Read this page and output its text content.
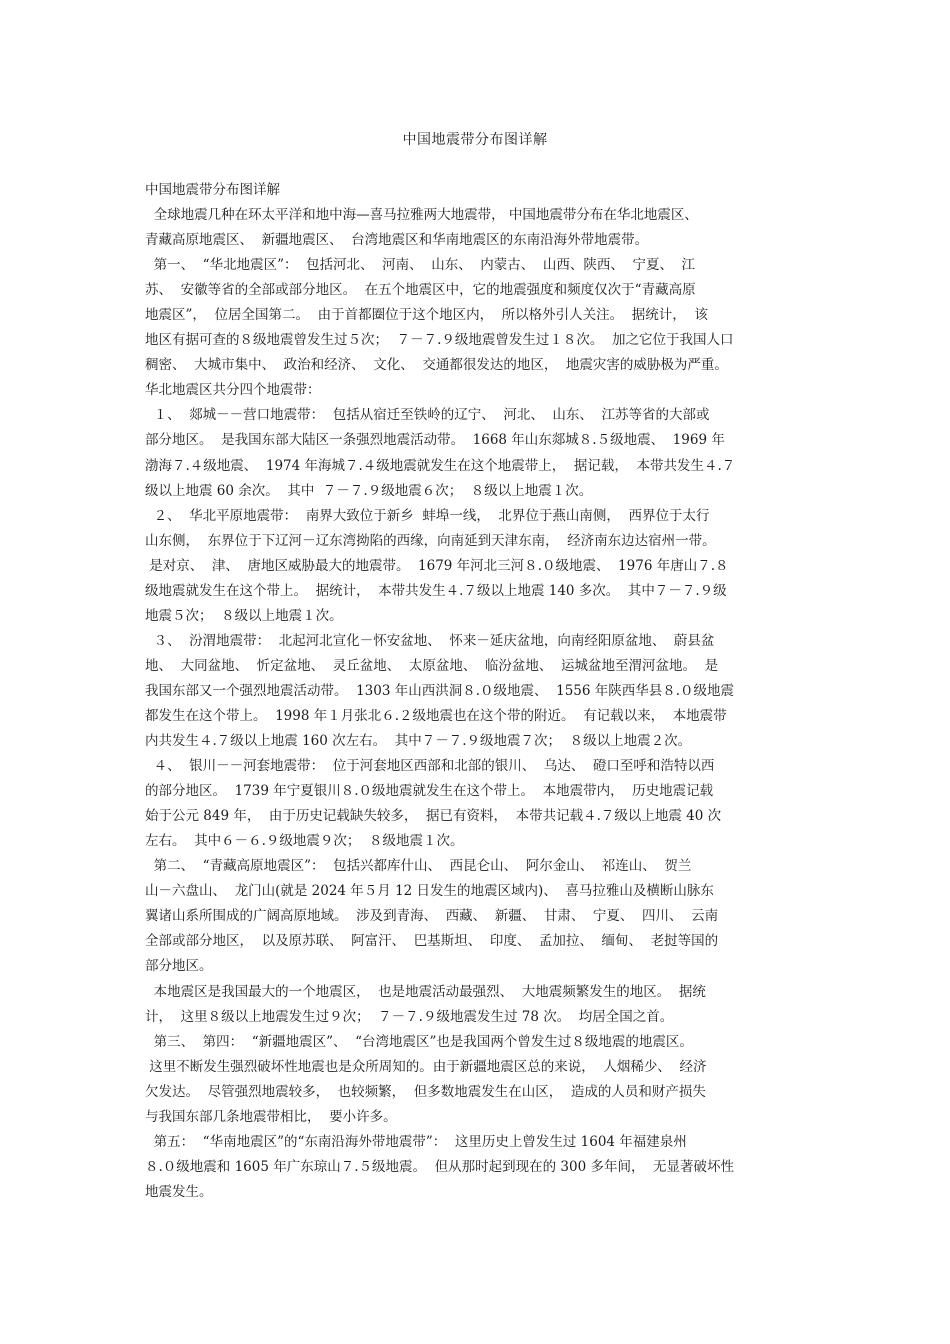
中国地震带分布图详解
中国地震带分布图详解
全球地震几种在环太平洋和地中海—喜马拉雅两大地震带， 中国地震带分布在华北地震区、
青藏高原地震区、  新疆地震区、  台湾地震区和华南地震区的东南沿海外带地震带。
第一、  “华北地震区”：  包括河北、  河南、  山东、  内蒙古、  山西、陕西、  宁夏、  江
苏、  安徽等省的全部或部分地区。  在五个地震区中，它的地震强度和频度仅次于“青藏高原
地震区”，  位居全国第二。  由于首都圈位于这个地区内，  所以格外引人关注。  据统计，  该
地区有据可查的８级地震曾发生过５次；  ７－７.９级地震曾发生过１８次。  加之它位于我国人口
稠密、  大城市集中、  政治和经济、  文化、  交通都很发达的地区，  地震灾害的威胁极为严重。
华北地震区共分四个地震带：
１、  郯城－－营口地震带：  包括从宿迁至铁岭的辽宁、  河北、  山东、  江苏等省的大部或
部分地区。  是我国东部大陆区一条强烈地震活动带。  1668 年山东郯城８.５级地震、  1969 年
渤海７.４级地震、  1974 年海城７.４级地震就发生在这个地震带上，  据记载，  本带共发生４.７
级以上地震 60 余次。  其中  ７－７.９级地震６次；  ８级以上地震１次。
２、  华北平原地震带：  南界大致位于新乡  蚌埠一线，  北界位于燕山南侧，  西界位于太行
山东侧，  东界位于下辽河－辽东湾拗陷的西缘，向南延到天津东南，  经济南东边达宿州一带。
是对京、  津、  唐地区威胁最大的地震带。  1679 年河北三河８.０级地震、  1976 年唐山７.８
级地震就发生在这个带上。  据统计，  本带共发生４.７级以上地震 140 多次。  其中７－７.９级
地震５次；  ８级以上地震１次。
３、  汾渭地震带：  北起河北宣化－怀安盆地、  怀来－延庆盆地，向南经阳原盆地、  蔚县盆
地、  大同盆地、  忻定盆地、  灵丘盆地、  太原盆地、  临汾盆地、  运城盆地至渭河盆地。  是
我国东部又一个强烈地震活动带。  1303 年山西洪洞８.０级地震、  1556 年陕西华县８.０级地震
都发生在这个带上。  1998 年１月张北６.２级地震也在这个带的附近。  有记载以来，  本地震带
内共发生４.７级以上地震 160 次左右。  其中７－７.９级地震７次；  ８级以上地震２次。
４、  银川－－河套地震带：  位于河套地区西部和北部的银川、  乌达、  磴口至呼和浩特以西
的部分地区。  1739 年宁夏银川８.０级地震就发生在这个带上。  本地震带内，  历史地震记载
始于公元 849 年，  由于历史记载缺失较多，  据已有资料，  本带共记载４.７级以上地震 40 次
左右。  其中６－６.９级地震９次；  ８级地震１次。
第二、  “青藏高原地震区”：  包括兴都库什山、  西昆仑山、  阿尔金山、  祁连山、  贺兰
山－六盘山、  龙门山(就是 2024 年５月 12 日发生的地震区域内)、  喜马拉雅山及横断山脉东
翼诸山系所围成的广阔高原地域。  涉及到青海、  西藏、  新疆、  甘肃、  宁夏、  四川、  云南
全部或部分地区，  以及原苏联、  阿富汗、  巴基斯坦、  印度、  孟加拉、  缅甸、  老挝等国的
部分地区。
本地震区是我国最大的一个地震区，  也是地震活动最强烈、  大地震频繁发生的地区。  据统
计，  这里８级以上地震发生过９次；  ７－７.９级地震发生过 78 次。  均居全国之首。
第三、  第四：  “新疆地震区”、  “台湾地震区”也是我国两个曾发生过８级地震的地震区。
这里不断发生强烈破坏性地震也是众所周知的。由于新疆地震区总的来说，  人烟稀少、  经济
欠发达。  尽管强烈地震较多，  也较频繁，  但多数地震发生在山区，  造成的人员和财产损失
与我国东部几条地震带相比，  要小许多。
第五：  “华南地震区”的“东南沿海外带地震带”：  这里历史上曾发生过 1604 年福建泉州
８.０级地震和 1605 年广东琼山７.５级地震。  但从那时起到现在的 300 多年间，  无显著破坏性
地震发生。
